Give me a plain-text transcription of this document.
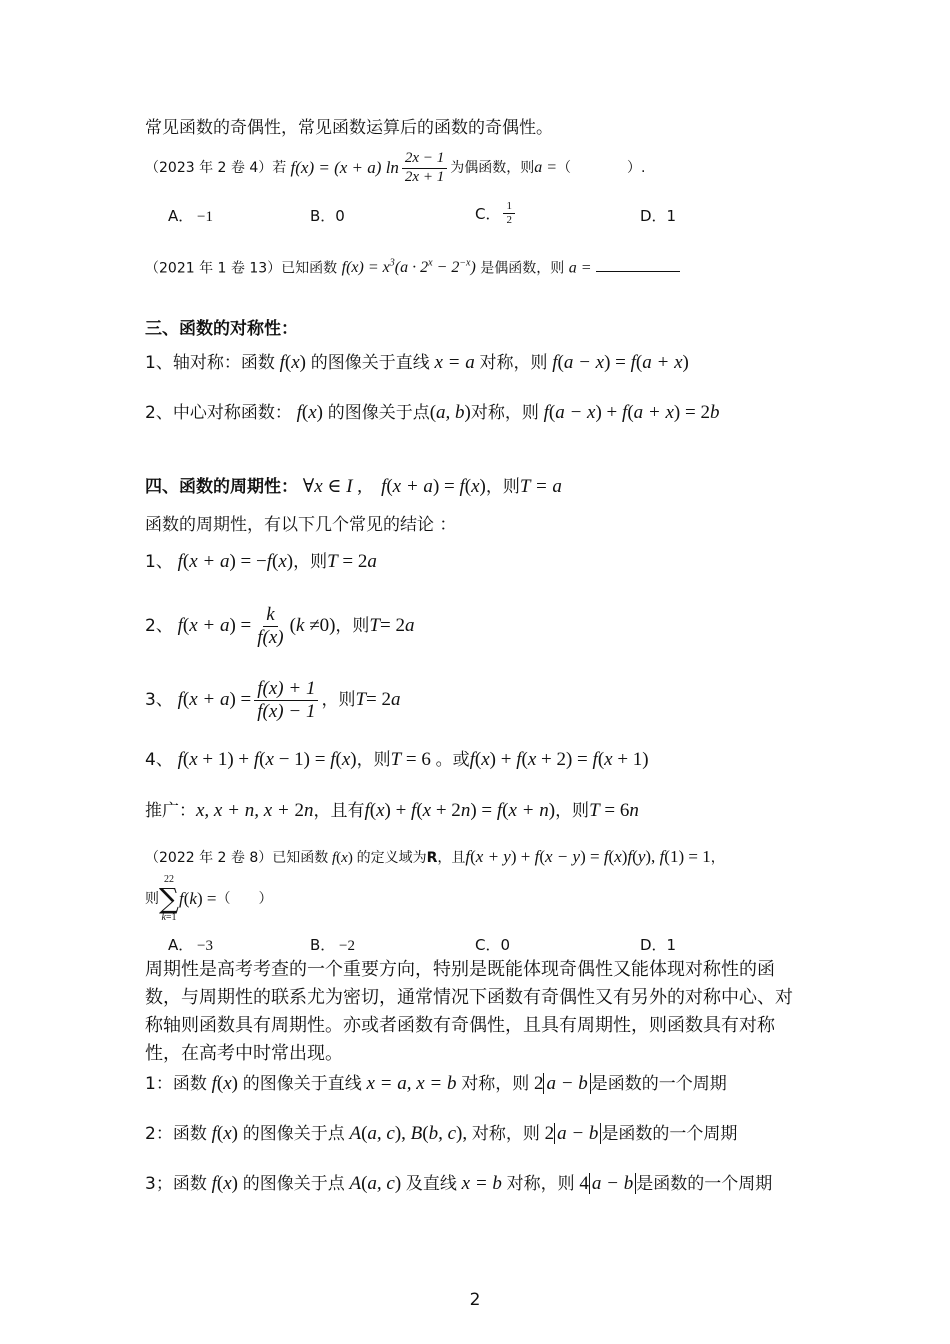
常见函数的奇偶性，常见函数运算后的函数的奇偶性。
（2023 年 2 卷 4）若 f(x) = (x + a) $\ln \frac{2x - 1}{2x + 1}$ 为偶函数，则 a = （　　　　）.
A． −1	B．0	C． $\frac{1}{2}$	D．1
（2021 年 1 卷 13）已知函数 $f(x) = x^3(a \cdot 2^x - 2^{-x})$ 是偶函数，则 a =
三、函数的对称性：
1、轴对称：函数 f(x) 的图像关于直线 x = a 对称，则 f(a − x) = f(a + x)
2、中心对称函数： f(x) 的图像关于点(a, b)对称，则 f(a − x) + f(a + x) = 2b
四、函数的周期性： ∀x ∈ I ,　f(x + a) = f(x)，则T = a
函数的周期性，有以下几个常见的结论 ：
1、 f(x + a) = −f(x)，则T = 2a
2、 f ( x + a ) = $\frac{k}{f(x)}$ ( k ≠ 0) ，则 T = 2 a
3、 f ( x + a ) = $\frac{f(x) + 1}{f(x) - 1}$ ，则 T = 2 a
4、 f(x + 1) + f(x − 1) = f(x)，则T = 6 。或f(x) + f(x + 2) = f(x + 1)
推广：x, x + n, x + 2n，且有f(x) + f(x + 2n) = f(x + n)，则T = 6n
（2022 年 2 卷 8）已知函数 f(x) 的定义域为R，且f(x + y) + f(x − y) = f(x)f(y), f(1) = 1，
则
22
∑
k=1
f ( k ) = （　　）
A． −3	B． −2	C．0	D．1
周期性是高考考查的一个重要方向，特别是既能体现奇偶性又能体现对称性的函数，与周期性的联系尤为密切，通常情况下函数有奇偶性又有另外的对称中心、对称轴则函数具有周期性。亦或者函数有奇偶性，且具有周期性，则函数具有对称性，在高考中时常出现。
1：函数 f(x) 的图像关于直线 x = a, x = b 对称，则 2 a − b 是函数的一个周期
2：函数 f(x) 的图像关于点 A(a, c), B(b, c), 对称，则 2 a − b 是函数的一个周期
3；函数 f(x) 的图像关于点 A(a, c) 及直线 x = b 对称，则 4 a − b 是函数的一个周期
2
